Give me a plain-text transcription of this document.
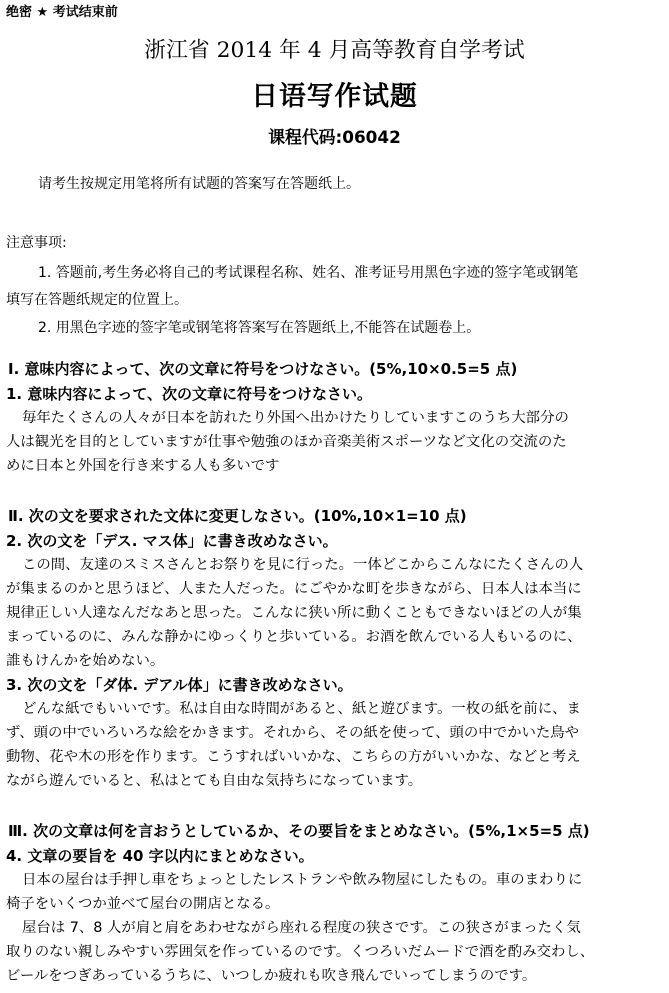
绝密 ★ 考试结束前
浙江省 2014 年 4 月高等教育自学考试
日语写作试题
课程代码:06042
请考生按规定用笔将所有试题的答案写在答题纸上。
注意事项:
1. 答题前,考生务必将自己的考试课程名称、姓名、准考证号用黑色字迹的签字笔或钢笔
填写在答题纸规定的位置上。
2. 用黑色字迹的签字笔或钢笔将答案写在答题纸上,不能答在试题卷上。
Ⅰ. 意味内容によって、次の文章に符号をつけなさい。(5%,10×0.5=5 点)
1. 意味内容によって、次の文章に符号をつけなさい。
毎年たくさんの人々が日本を訪れたり外国へ出かけたりしていますこのうち大部分の
人は観光を目的としていますが仕事や勉強のほか音楽美術スポーツなど文化の交流のた
めに日本と外国を行き来する人も多いです
Ⅱ. 次の文を要求された文体に変更しなさい。(10%,10×1=10 点)
2. 次の文を「デス. マス体」に書き改めなさい。
この間、友達のスミスさんとお祭りを見に行った。一体どこからこんなにたくさんの人
が集まるのかと思うほど、人また人だった。にごやかな町を歩きながら、日本人は本当に
規律正しい人達なんだなあと思った。こんなに狭い所に動くこともできないほどの人が集
まっているのに、みんな静かにゆっくりと歩いている。お酒を飲んでいる人もいるのに、
誰もけんかを始めない。
3. 次の文を「ダ体. デアル体」に書き改めなさい。
どんな紙でもいいです。私は自由な時間があると、紙と遊びます。一枚の紙を前に、ま
ず、頭の中でいろいろな絵をかきます。それから、その紙を使って、頭の中でかいた鳥や
動物、花や木の形を作ります。こうすればいいかな、こちらの方がいいかな、などと考え
ながら遊んでいると、私はとても自由な気持ちになっています。
Ⅲ. 次の文章は何を言おうとしているか、その要旨をまとめなさい。(5%,1×5=5 点)
4. 文章の要旨を 40 字以内にまとめなさい。
日本の屋台は手押し車をちょっとしたレストランや飲み物屋にしたもの。車のまわりに
椅子をいくつか並べて屋台の開店となる。
屋台は 7、8 人が肩と肩をあわせながら座れる程度の狭さです。この狭さがまったく気
取りのない親しみやすい雰囲気を作っているのです。くつろいだムードで酒を酌み交わし、
ビールをつぎあっているうちに、いつしか疲れも吹き飛んでいってしまうのです。
